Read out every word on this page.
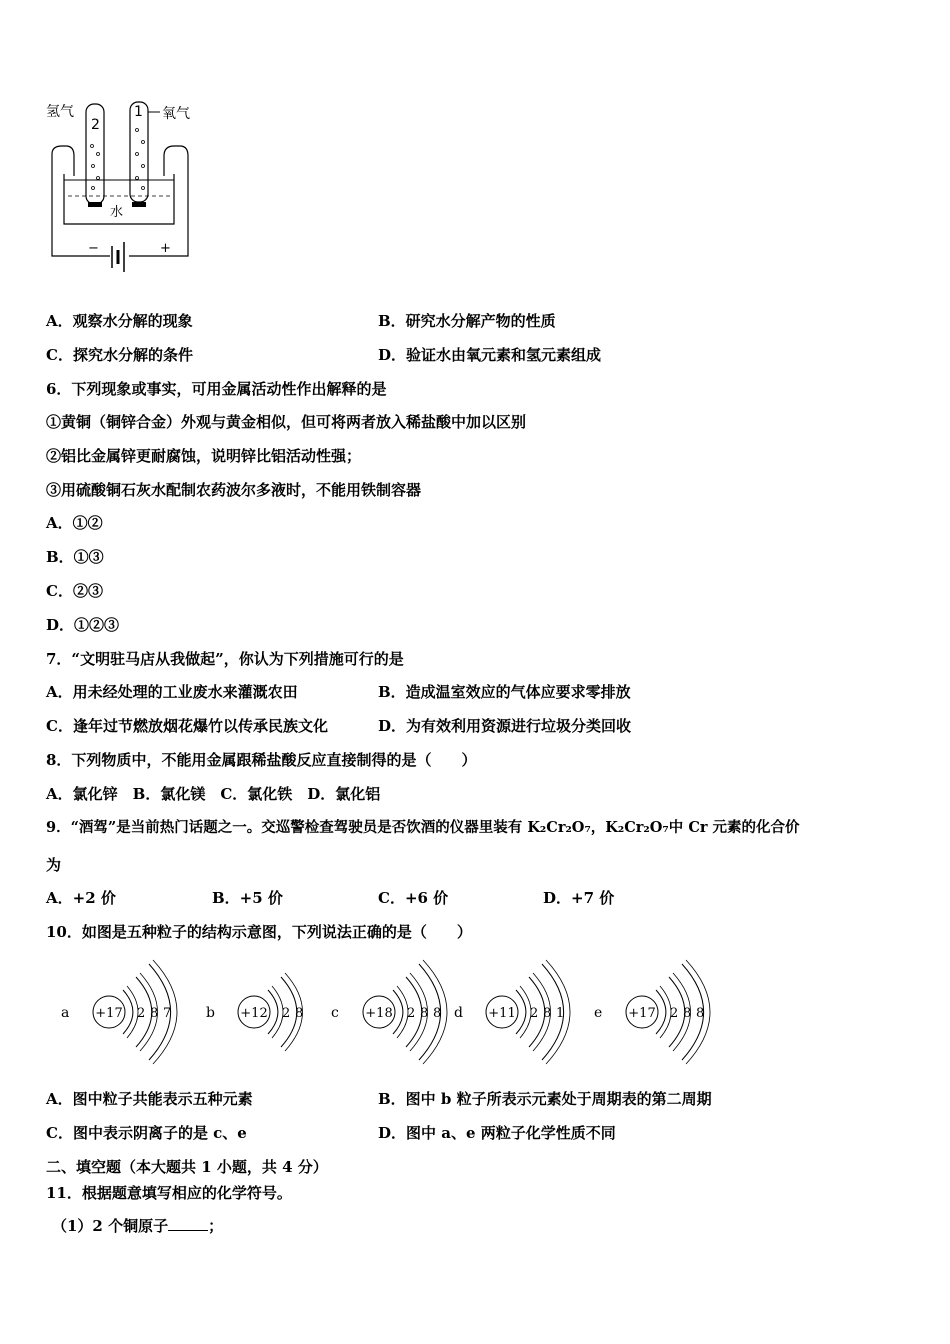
氢气	氧气
2
1
水
−	+
A．观察水分解的现象	B．研究水分解产物的性质
C．探究水分解的条件	D．验证水由氧元素和氢元素组成
6．下列现象或事实，可用金属活动性作出解释的是
①黄铜（铜锌合金）外观与黄金相似，但可将两者放入稀盐酸中加以区别
②铝比金属锌更耐腐蚀，说明锌比铝活动性强；
③用硫酸铜石灰水配制农药波尔多液时，不能用铁制容器
A．①②
B．①③
C．②③
D．①②③
7．“文明驻马店从我做起”，你认为下列措施可行的是
A．用未经处理的工业废水来灌溉农田	B．造成温室效应的气体应要求零排放
C．逢年过节燃放烟花爆竹以传承民族文化	D．为有效利用资源进行垃圾分类回收
8．下列物质中，不能用金属跟稀盐酸反应直接制得的是（　　）
A．氯化锌　B．氯化镁　C．氯化铁　D．氯化铝
9．“酒驾”是当前热门话题之一。交巡警检查驾驶员是否饮酒的仪器里装有 K₂Cr₂O₇，K₂Cr₂O₇中 Cr 元素的化合价
为
A．+2 价	B．+5 价	C．+6 价	D．+7 价
10．如图是五种粒子的结构示意图，下列说法正确的是（　　）
a +17 2 8 7 b +12 2 8 c +18 2 8 8 d +11 2 8 1 e +17 2 8 8
A．图中粒子共能表示五种元素	B．图中 b 粒子所表示元素处于周期表的第二周期
C．图中表示阴离子的是 c、e	D．图中 a、e 两粒子化学性质不同
二、填空题（本大题共 1 小题，共 4 分）
11．根据题意填写相应的化学符号。
（1）2 个铜原子	；
